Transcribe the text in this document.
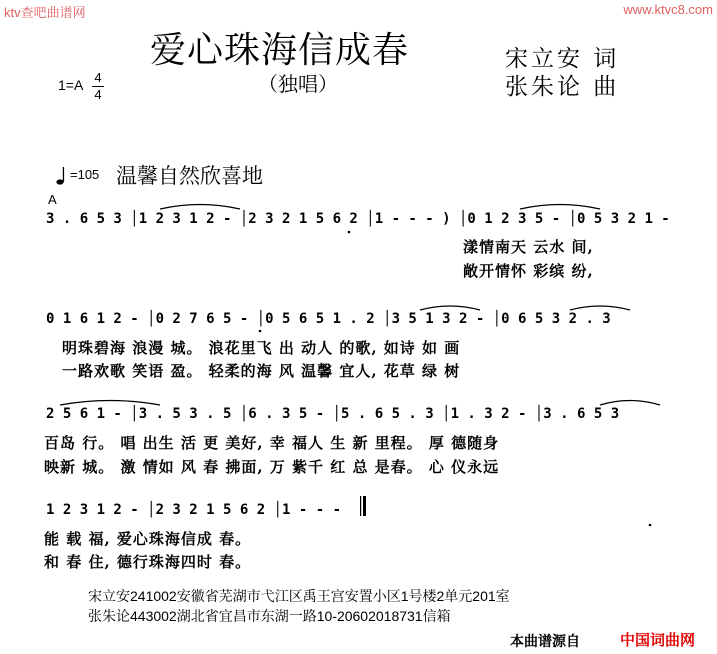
ktv查吧曲谱网	www.ktvc8.com
爱心珠海信成春
（独唱）
宋立安 词
张朱论 曲
1=A 4
4
=105 温馨自然欣喜地
A
3 . 6 5 3 │1 2 3 1 2 - │2 3 2 1 5 6 2 │1 - - - ) │0 1 2 3 5 - │0 5 3 2 1 -
漾情南天 云水 间,
敞开情怀 彩缤 纷,
0 1 6 1 2 - │0 2 7 6 5 - │0 5 6 5 1 . 2 │3 5 1 3 2 - │0 6 5 3 2 . 3
明珠碧海 浪漫 城。 浪花里飞 出 动人 的歌, 如诗 如 画
一路欢歌 笑语 盈。 轻柔的海 风 温馨 宜人, 花草 绿 树
2 5 6 1 - │3 . 5 3 . 5 │6 . 3 5 - │5 . 6 5 . 3 │1 . 3 2 - │3 . 6 5 3
百岛 行。 唱 出生 活 更 美好, 幸 福人 生 新 里程。 厚 德随身
映新 城。 激 情如 风 春 拂面, 万 紫千 红 总 是春。 心 仪永远
1 2 3 1 2 - │2 3 2 1 5 6 2 │1 - - -
能 载 福, 爱心珠海信成 春。
和 春 住, 德行珠海四时 春。
宋立安241002安徽省芜湖市弋江区禹王宫安置小区1号楼2单元201室
张朱论443002湖北省宜昌市东湖一路10-20602018731信箱
本曲谱源自	中国词曲网
